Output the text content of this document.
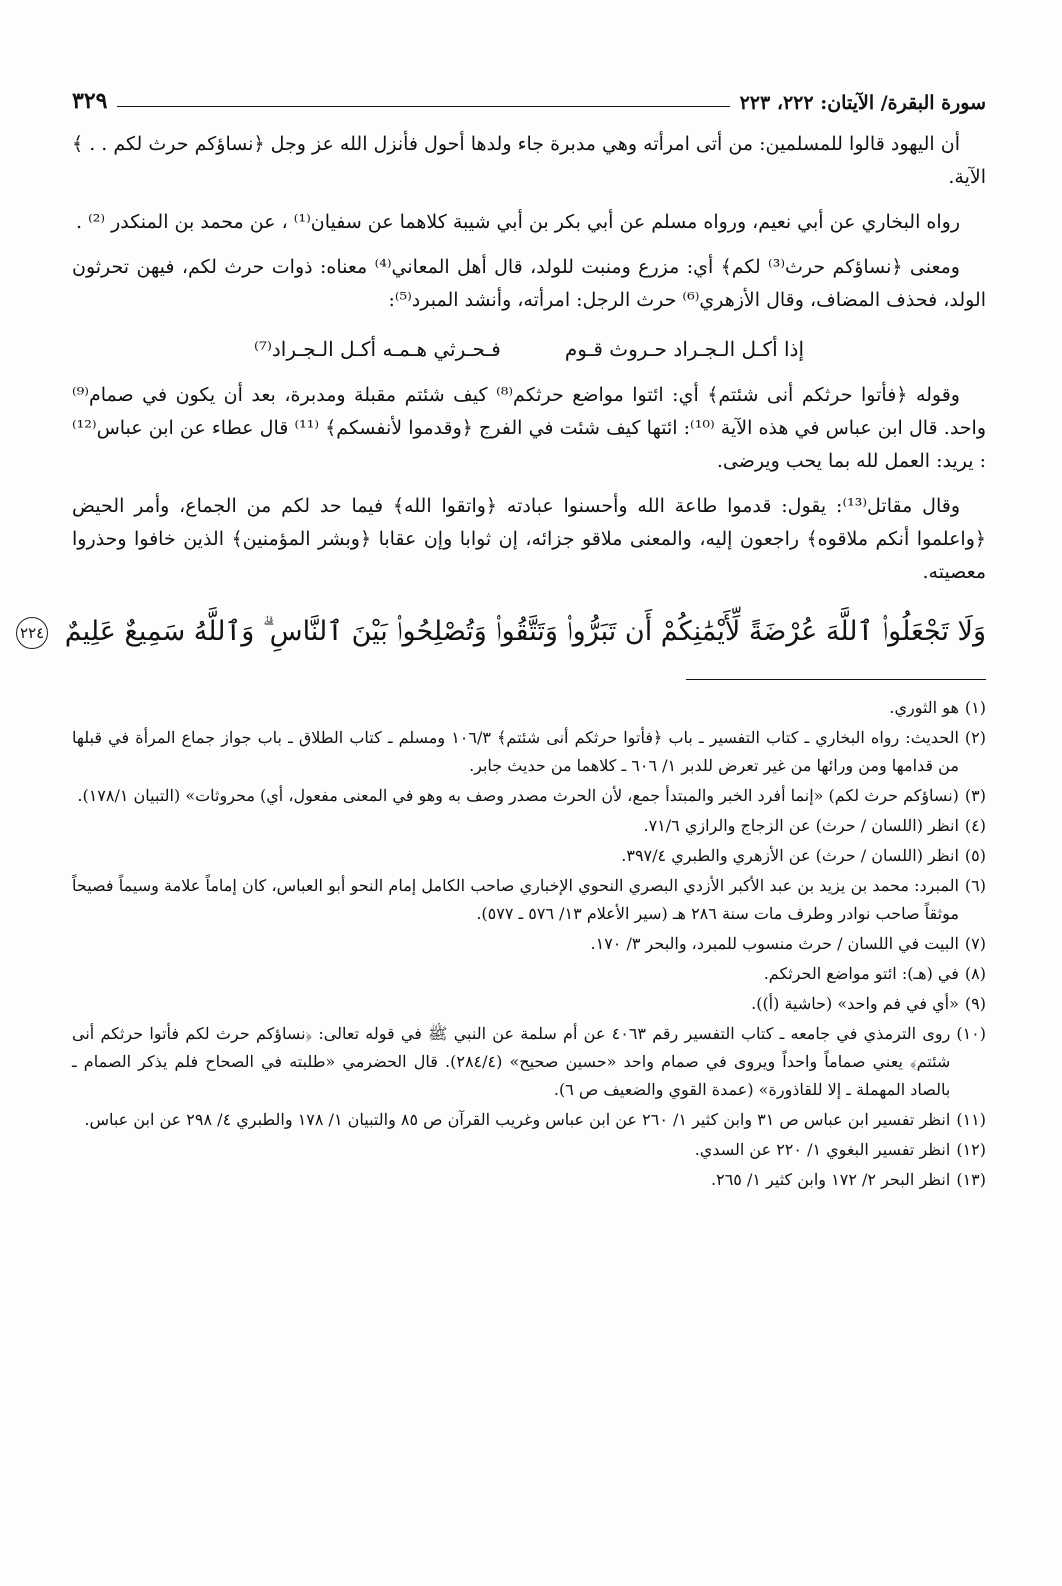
سورة البقرة/ الآيتان: ٢٢٢، ٢٢٣
٣٢٩

أن اليهود قالوا للمسلمين: من أتى امرأته وهي مدبرة جاء ولدها أحول فأنزل الله عز وجل ﴿نساؤكم حرث لكم . . ﴾ الآية.

رواه البخاري عن أبي نعيم، ورواه مسلم عن أبي بكر بن أبي شيبة كلاهما عن سفيان⁽¹⁾ ، عن محمد بن المنكدر ⁽²⁾ .

ومعنى ﴿نساؤكم حرث⁽³⁾ لكم﴾ أي: مزرع ومنبت للولد، قال أهل المعاني⁽⁴⁾ معناه: ذوات حرث لكم، فيهن تحرثون الولد، فحذف المضاف، وقال الأزهري⁽⁶⁾ حرث الرجل: امرأته، وأنشد المبرد⁽⁵⁾:

إذا أكـل الـجـراد حـروث قـوم
فـحـرثي هـمـه أكـل الـجـراد⁽⁷⁾

وقوله ﴿فأتوا حرثكم أنى شئتم﴾ أي: ائتوا مواضع حرثكم⁽⁸⁾ كيف شئتم مقبلة ومدبرة، بعد أن يكون في صمام⁽⁹⁾ واحد. قال ابن عباس في هذه الآية ⁽¹⁰⁾: ائتها كيف شئت في الفرج ﴿وقدموا لأنفسكم﴾ ⁽¹¹⁾ قال عطاء عن ابن عباس⁽¹²⁾ : يريد: العمل لله بما يحب ويرضى.

وقال مقاتل⁽¹³⁾: يقول: قدموا طاعة الله وأحسنوا عبادته ﴿واتقوا الله﴾ فيما حد لكم من الجماع، وأمر الحيض ﴿واعلموا أنكم ملاقوه﴾ راجعون إليه، والمعنى ملاقو جزائه، إن ثوابا وإن عقابا ﴿وبشر المؤمنين﴾ الذين خافوا وحذروا معصيته.

وَلَا تَجْعَلُوا۟ ٱللَّهَ عُرْضَةً لِّأَيْمَٰنِكُمْ أَن تَبَرُّوا۟ وَتَتَّقُوا۟ وَتُصْلِحُوا۟ بَيْنَ ٱلنَّاسِ ۗ وَٱللَّهُ سَمِيعٌ عَلِيمٌ ٢٢٤
(١)
هو الثوري.
(٢)
الحديث: رواه البخاري ـ كتاب التفسير ـ باب ﴿فأتوا حرثكم أنى شئتم﴾ ١٠٦/٣ ومسلم ـ كتاب الطلاق ـ باب جواز جماع المرأة في قبلها من قدامها ومن ورائها من غير تعرض للدبر ١/ ٦٠٦ ـ كلاهما من حديث جابر.
(٣)
(نساؤكم حرث لكم) «إنما أفرد الخبر والمبتدأ جمع، لأن الحرث مصدر وصف به وهو في المعنى مفعول، أي) محروثات» (التبيان ١٧٨/١).
(٤)
انظر (اللسان / حرث) عن الزجاج والرازي ٧١/٦.
(٥)
انظر (اللسان / حرث) عن الأزهري والطبري ٣٩٧/٤.
(٦)
المبرد: محمد بن يزيد بن عبد الأكبر الأزدي البصري النحوي الإخباري صاحب الكامل إمام النحو أبو العباس، كان إماماً علامة وسيماً فصيحاً موثقاً صاحب نوادر وطرف مات سنة ٢٨٦ هـ (سير الأعلام ١٣/ ٥٧٦ ـ ٥٧٧).
(٧)
البيت في اللسان / حرث منسوب للمبرد، والبحر ٣/ ١٧٠.
(٨)
في (هـ): ائتو مواضع الحرثكم.
(٩)
«أي في فم واحد» (حاشية (أ)).
(١٠)
روى الترمذي في جامعه ـ كتاب التفسير رقم ٤٠٦٣ عن أم سلمة عن النبي ﷺ في قوله تعالى: ﴿نساؤكم حرث لكم فأتوا حرثكم أنى شئتم﴾ يعني صماماً واحداً ويروى في صمام واحد «حسين صحيح» (٢٨٤/٤). قال الحضرمي «طلبته في الصحاح فلم يذكر الصمام ـ بالصاد المهملة ـ إلا للقاذورة» (عمدة القوي والضعيف ص ٦).
(١١)
انظر تفسير ابن عباس ص ٣١ وابن كثير ١/ ٢٦٠ عن ابن عباس وغريب القرآن ص ٨٥ والتبيان ١/ ١٧٨ والطبري ٤/ ٢٩٨ عن ابن عباس.
(١٢)
انظر تفسير البغوي ١/ ٢٢٠ عن السدي.
(١٣)
انظر البحر ٢/ ١٧٢ وابن كثير ١/ ٢٦٥.
